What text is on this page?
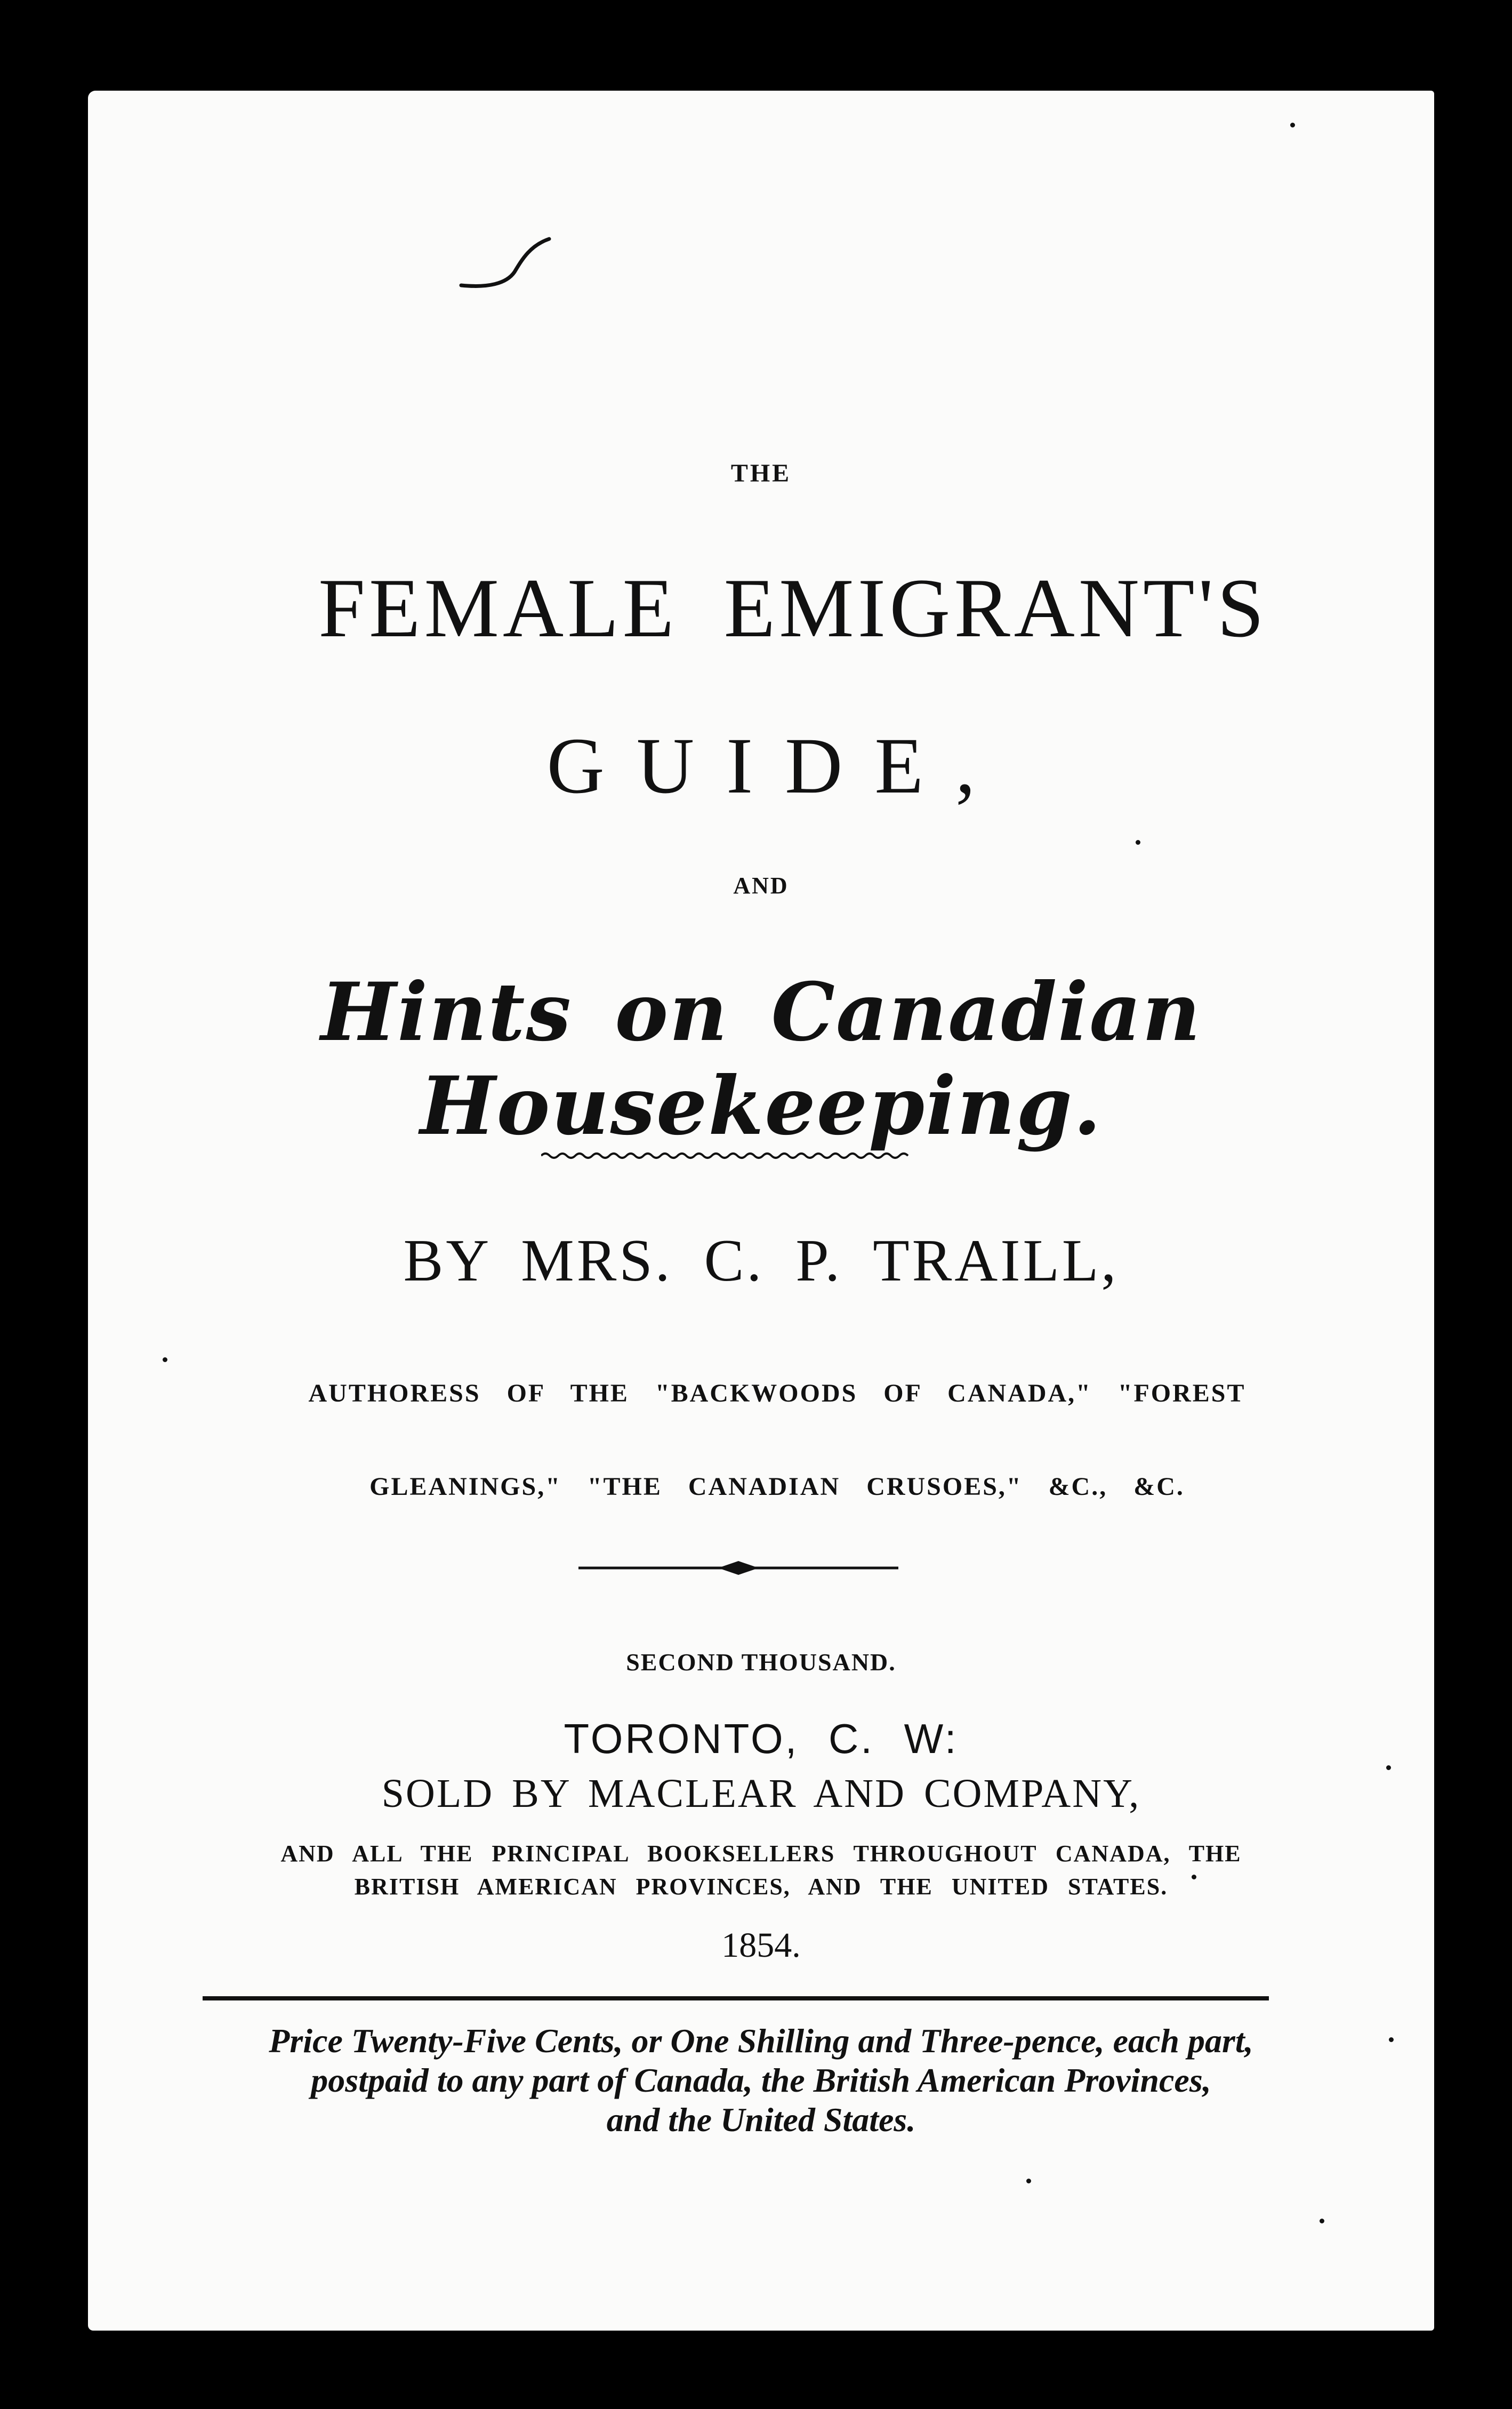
THE
FEMALE EMIGRANT'S
GUIDE,
AND
Hints on Canadian Housekeeping.
BY MRS. C. P. TRAILL,
AUTHORESS OF THE "BACKWOODS OF CANADA," "FOREST
GLEANINGS," "THE CANADIAN CRUSOES," &C., &C.
SECOND THOUSAND.
TORONTO, C. W:
SOLD BY MACLEAR AND COMPANY,
AND ALL THE PRINCIPAL BOOKSELLERS THROUGHOUT CANADA, THE
BRITISH AMERICAN PROVINCES, AND THE UNITED STATES.
1854.
Price Twenty-Five Cents, or One Shilling and Three-pence, each part,
postpaid to any part of Canada, the British American Provinces,
and the United States.
